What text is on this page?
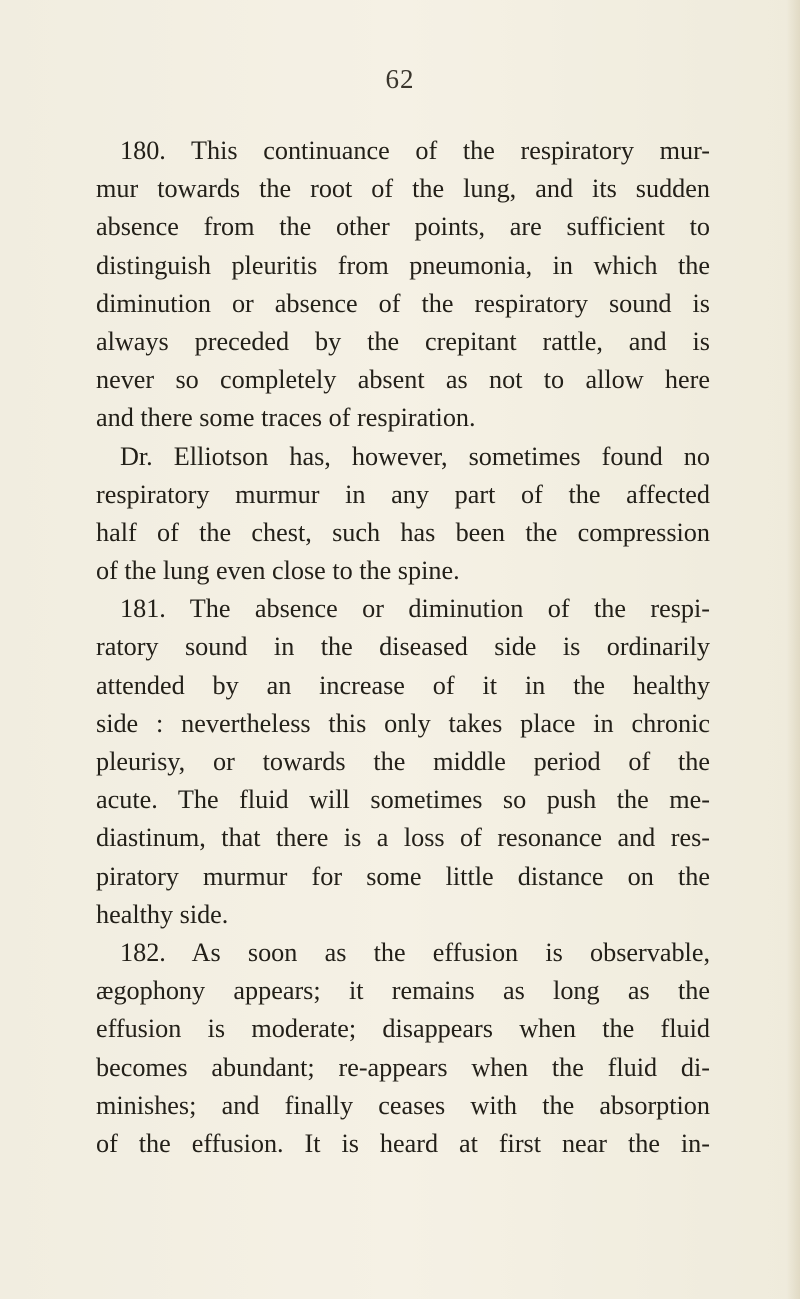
62
180. This continuance of the respiratory mur-
mur towards the root of the lung, and its sudden
absence from the other points, are sufficient to
distinguish pleuritis from pneumonia, in which the
diminution or absence of the respiratory sound is
always preceded by the crepitant rattle, and is
never so completely absent as not to allow here
and there some traces of respiration.
Dr. Elliotson has, however, sometimes found no
respiratory murmur in any part of the affected
half of the chest, such has been the compression
of the lung even close to the spine.
181. The absence or diminution of the respi-
ratory sound in the diseased side is ordinarily
attended by an increase of it in the healthy
side : nevertheless this only takes place in chronic
pleurisy, or towards the middle period of the
acute. The fluid will sometimes so push the me-
diastinum, that there is a loss of resonance and res-
piratory murmur for some little distance on the
healthy side.
182. As soon as the effusion is observable,
ægophony appears; it remains as long as the
effusion is moderate; disappears when the fluid
becomes abundant; re-appears when the fluid di-
minishes; and finally ceases with the absorption
of the effusion. It is heard at first near the in-
